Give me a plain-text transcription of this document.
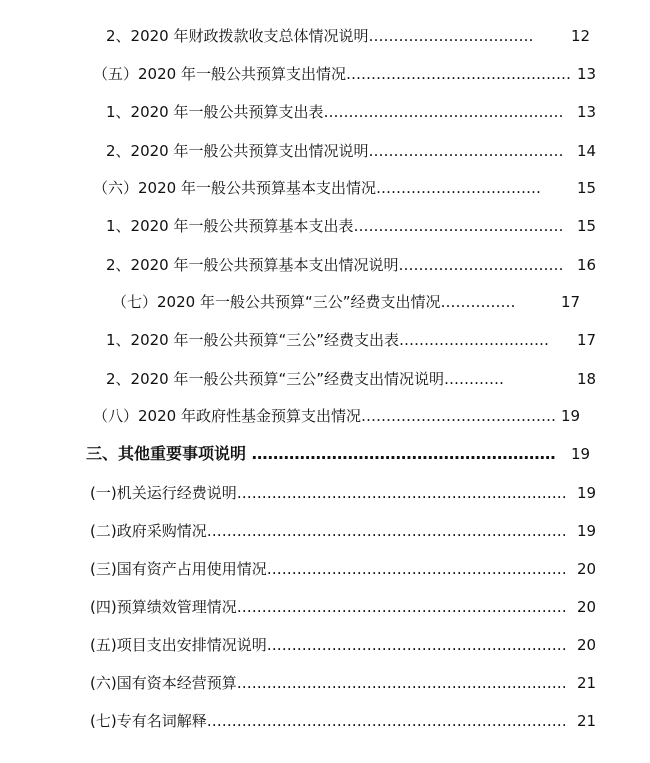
2、2020 年财政拨款收支总体情况说明……………………………	12
（五）2020 年一般公共预算支出情况……………………………………… 13
1、2020 年一般公共预算支出表………………………………………… 13
2、2020 年一般公共预算支出情况说明………………………………… 14
（六）2020 年一般公共预算基本支出情况…………………………… 15
1、2020 年一般公共预算基本支出表…………………………………… 15
2、2020 年一般公共预算基本支出情况说明…………………………… 16
（七）2020 年一般公共预算“三公”经费支出情况……………	17
1、2020 年一般公共预算“三公”经费支出表………………………… 17
2、2020 年一般公共预算“三公”经费支出情况说明…………	18
（八）2020 年政府性基金预算支出情况………………………………… 19
三、其他重要事项说明 ………………………………………………… 19
(一)机关运行经费说明………………………………………………………… 19
(二)政府采购情况……………………………………………………………… 19
(三)国有资产占用使用情况…………………………………………………… 20
(四)预算绩效管理情况………………………………………………………… 20
(五)项目支出安排情况说明…………………………………………………… 20
(六)国有资本经营预算………………………………………………………… 21
(七)专有名词解释……………………………………………………………… 21
